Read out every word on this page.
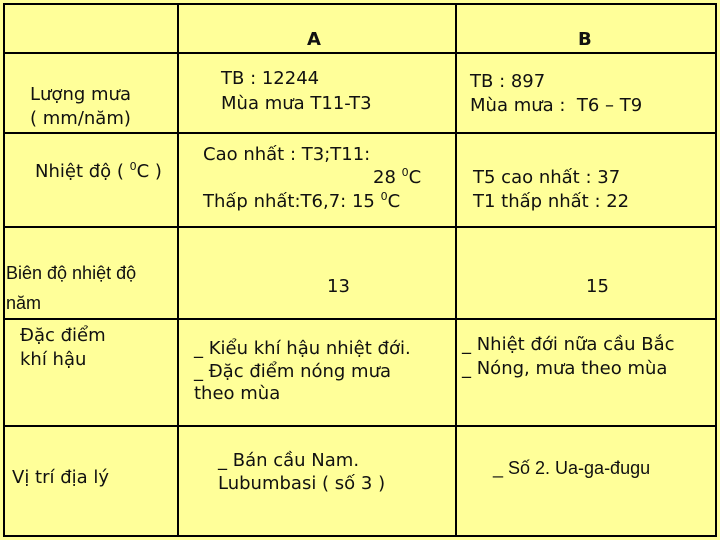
A	B
Lượng mưa
( mm/năm)
TB : 12244
Mùa mưa T11-T3
TB : 897
Mùa mưa :  T6 – T9
Nhiệt độ ( $^0$C )
Cao nhất : T3;T11:
28 $^0$C
Thấp nhất:T6,7: 15 $^0$C
T5 cao nhất : 37
T1 thấp nhất : 22
Biên độ nhiệt độ
năm
13	15
Đặc điểm
khí hậu
_ Kiểu khí hậu nhiệt đới.
_ Đặc điểm nóng mưa
theo mùa
_ Nhiệt đới nữa cầu Bắc
_ Nóng, mưa theo mùa
Vị trí địa lý
_ Bán cầu Nam.
Lubumbasi ( số 3 )
_ Số 2. Ua-ga-đugu
